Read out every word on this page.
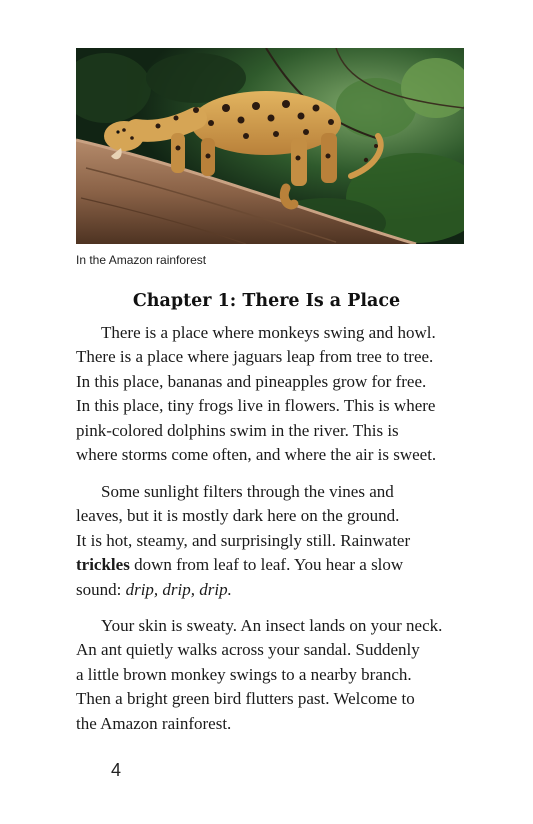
In the Amazon rainforest
Chapter 1: There Is a Place

There is a place where monkeys swing and howl.
There is a place where jaguars leap from tree to tree.
In this place, bananas and pineapples grow for free.
In this place, tiny frogs live in flowers. This is where
pink-colored dolphins swim in the river. This is
where storms come often, and where the air is sweet.

Some sunlight filters through the vines and
leaves, but it is mostly dark here on the ground.
It is hot, steamy, and surprisingly still. Rainwater
trickles down from leaf to leaf. You hear a slow
sound: drip, drip, drip.

Your skin is sweaty. An insect lands on your neck.
An ant quietly walks across your sandal. Suddenly
a little brown monkey swings to a nearby branch.
Then a bright green bird flutters past. Welcome to
the Amazon rainforest.

4
